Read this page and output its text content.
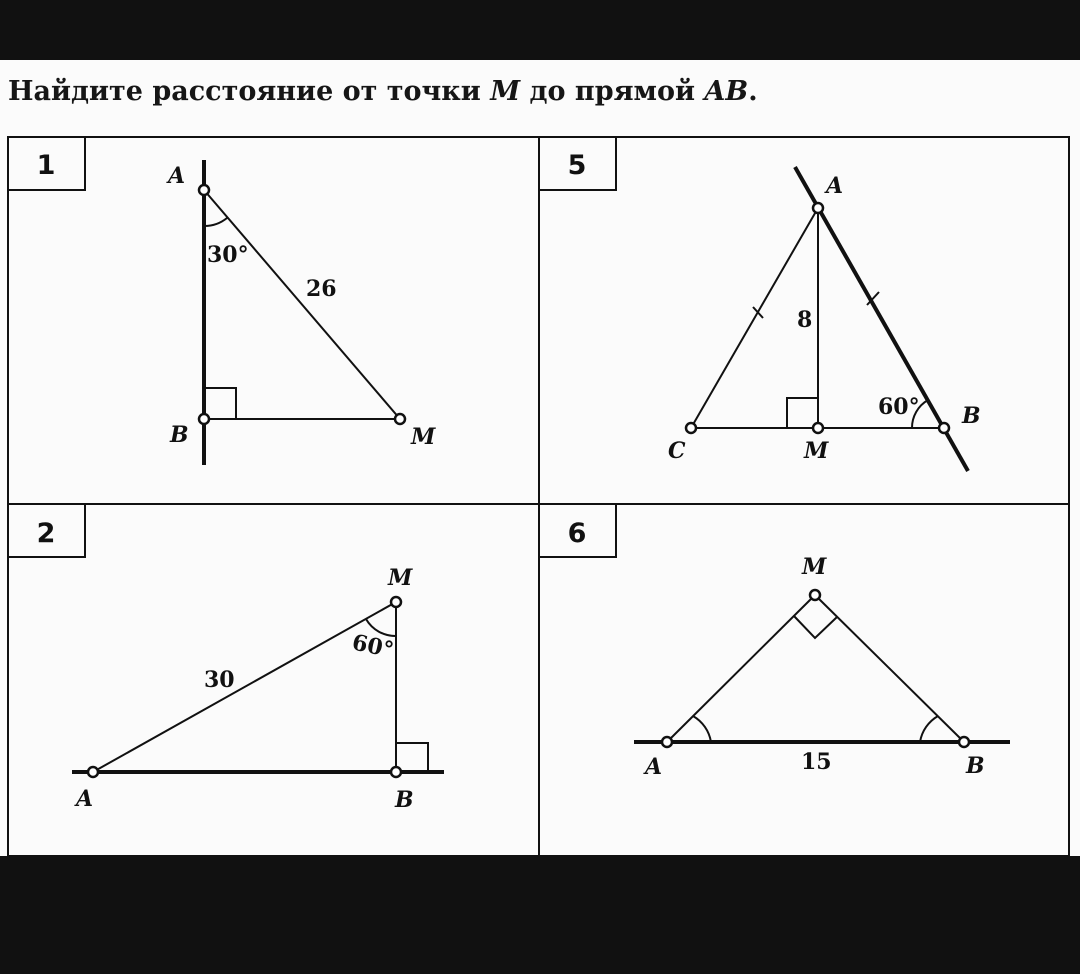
Найдите расстояние от точки M до прямой AB.
1	A
B	M
30°
26
5
A
B
C	M
8
60°
2
A	B
M
60°
30
6
A	B
M
15
